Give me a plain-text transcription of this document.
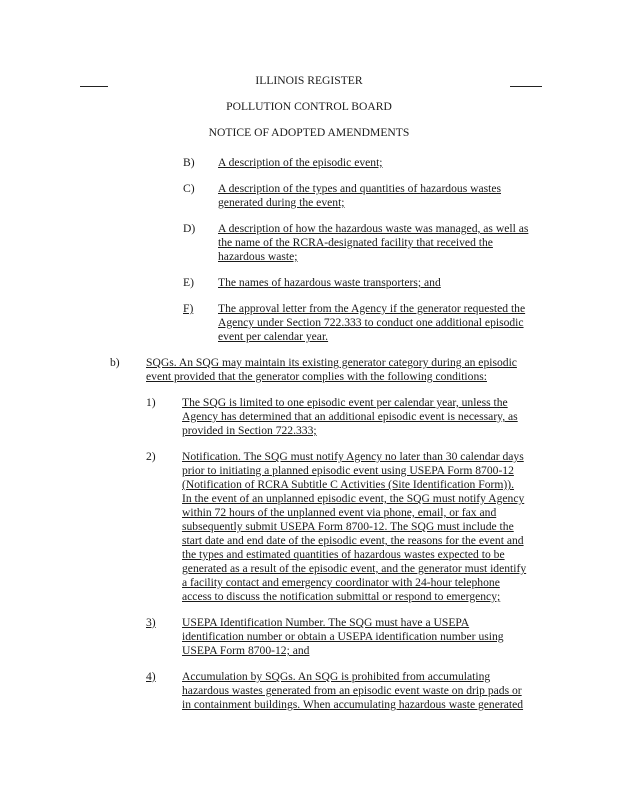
ILLINOIS REGISTER
POLLUTION CONTROL BOARD
NOTICE OF ADOPTED AMENDMENTS
B) A description of the episodic event;
C) A description of the types and quantities of hazardous wastes
generated during the event;
D) A description of how the hazardous waste was managed, as well as
the name of the RCRA-designated facility that received the
hazardous waste;
E) The names of hazardous waste transporters; and
F)	The approval letter from the Agency if the generator requested the
Agency under Section 722.333 to conduct one additional episodic
event per calendar year.
b) SQGs. An SQG may maintain its existing generator category during an episodic
event provided that the generator complies with the following conditions:
1) The SQG is limited to one episodic event per calendar year, unless the
Agency has determined that an additional episodic event is necessary, as
provided in Section 722.333;
2) Notification. The SQG must notify Agency no later than 30 calendar days
prior to initiating a planned episodic event using USEPA Form 8700-12
(Notification of RCRA Subtitle C Activities (Site Identification Form)).
In the event of an unplanned episodic event, the SQG must notify Agency
within 72 hours of the unplanned event via phone, email, or fax and
subsequently submit USEPA Form 8700-12. The SQG must include the
start date and end date of the episodic event, the reasons for the event and
the types and estimated quantities of hazardous wastes expected to be
generated as a result of the episodic event, and the generator must identify
a facility contact and emergency coordinator with 24-hour telephone
access to discuss the notification submittal or respond to emergency;
3)	USEPA Identification Number. The SQG must have a USEPA
identification number or obtain a USEPA identification number using
USEPA Form 8700-12; and
4)	Accumulation by SQGs. An SQG is prohibited from accumulating
hazardous wastes generated from an episodic event waste on drip pads or
in containment buildings. When accumulating hazardous waste generated
